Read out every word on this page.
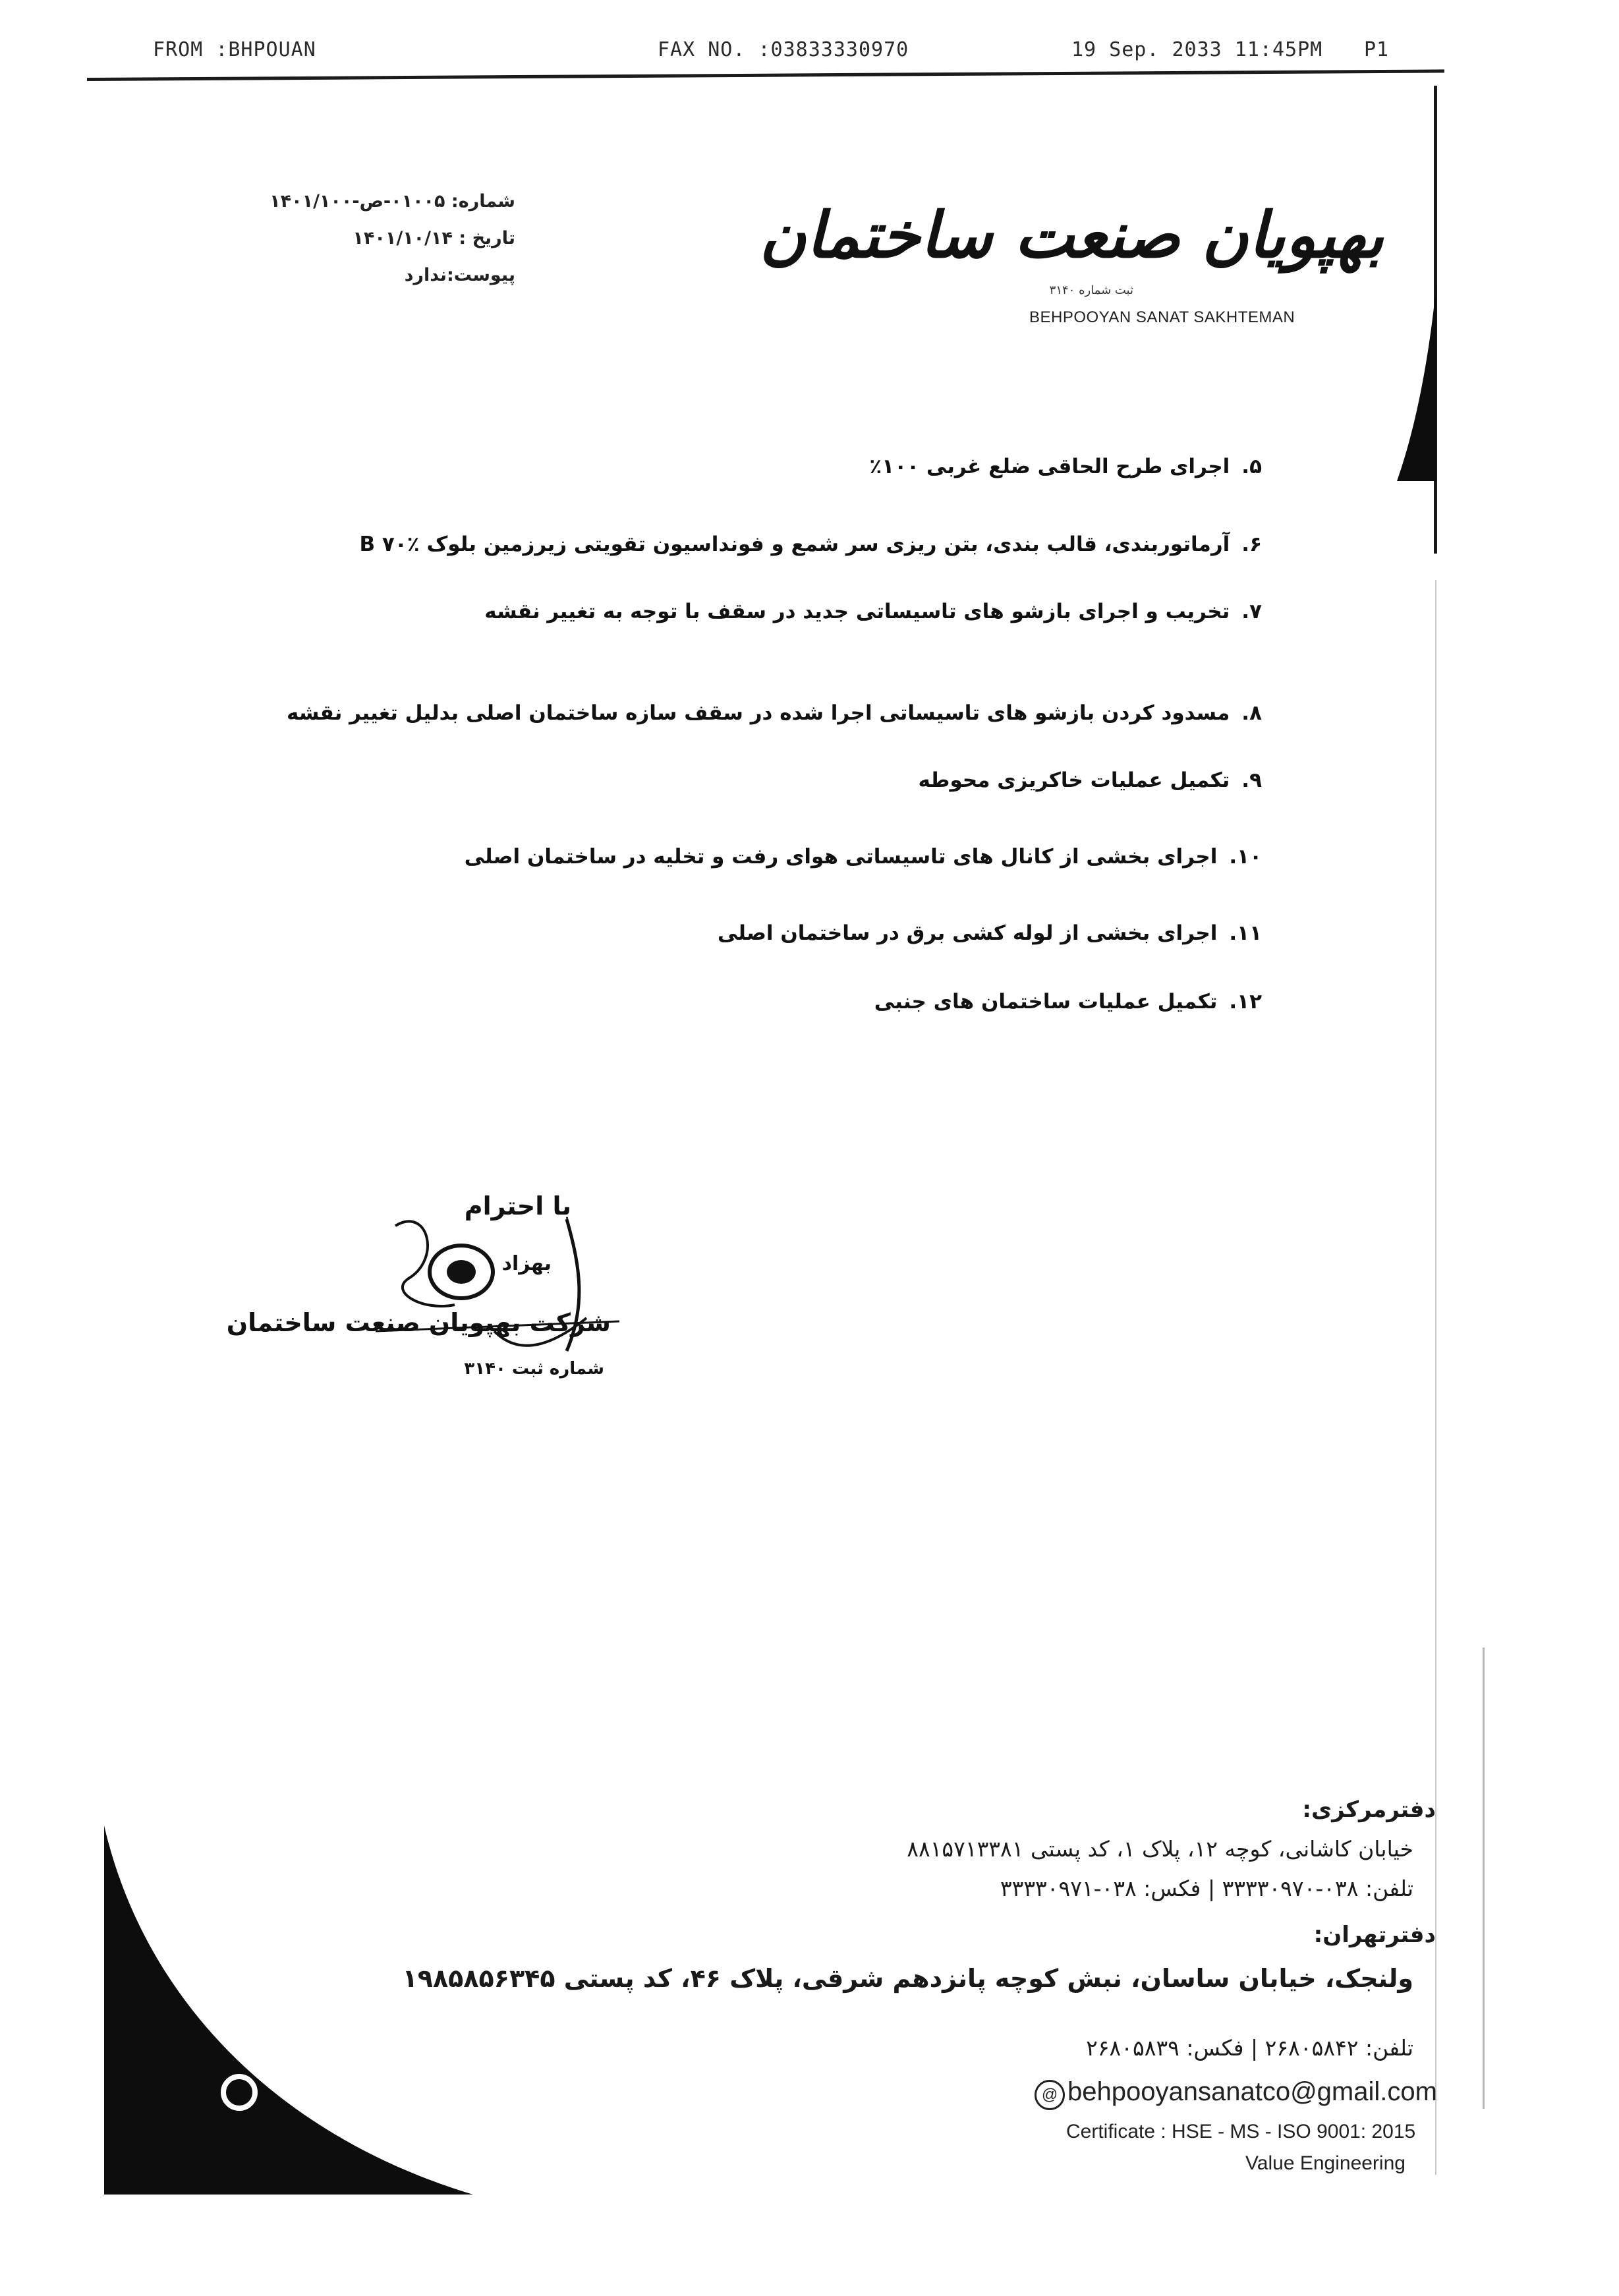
FROM :BHPOUAN	FAX NO. :03833330970	19 Sep. 2033 11:45PM P1
بهپویان صنعت ساختمان
ثبت شماره ۳۱۴۰
BEHPOOYAN SANAT SAKHTEMAN
شماره: ۰۱۰۰۵-ص-۱۴۰۱/۱۰۰
تاریخ : ۱۴۰۱/۱۰/۱۴
پیوست:ندارد
۵.اجرای طرح الحاقی ضلع غربی ۱۰۰٪
۶.آرماتوربندی، قالب بندی، بتن ریزی سر شمع و فونداسیون تقویتی زیرزمین بلوک B ۷۰٪
۷.تخریب و اجرای بازشو های تاسیساتی جدید در سقف با توجه به تغییر نقشه
۸.مسدود کردن بازشو های تاسیساتی اجرا شده در سقف سازه ساختمان اصلی بدلیل تغییر نقشه
۹.تکمیل عملیات خاکریزی محوطه
۱۰.اجرای بخشی از کانال های تاسیساتی هوای رفت و تخلیه در ساختمان اصلی
۱۱.اجرای بخشی از لوله کشی برق در ساختمان اصلی
۱۲.تکمیل عملیات ساختمان های جنبی
با احترام
بهزاد
شرکت بهپویان صنعت ساختمان
شماره ثبت ۳۱۴۰
دفترمرکزی:
خیابان کاشانی، کوچه ۱۲، پلاک ۱، کد پستی ۸۸۱۵۷۱۳۳۸۱
تلفن: ۰۳۸-۳۳۳۳۰۹۷۰ | فکس: ۰۳۸-۳۳۳۳۰۹۷۱
دفترتهران:
ولنجک، خیابان ساسان، نبش کوچه پانزدهم شرقی، پلاک ۴۶، کد پستی ۱۹۸۵۸۵۶۳۴۵
تلفن: ۲۶۸۰۵۸۴۲ | فکس: ۲۶۸۰۵۸۳۹
@ behpooyansanatco@gmail.com
Certificate : HSE - MS - ISO 9001: 2015
Value Engineering
